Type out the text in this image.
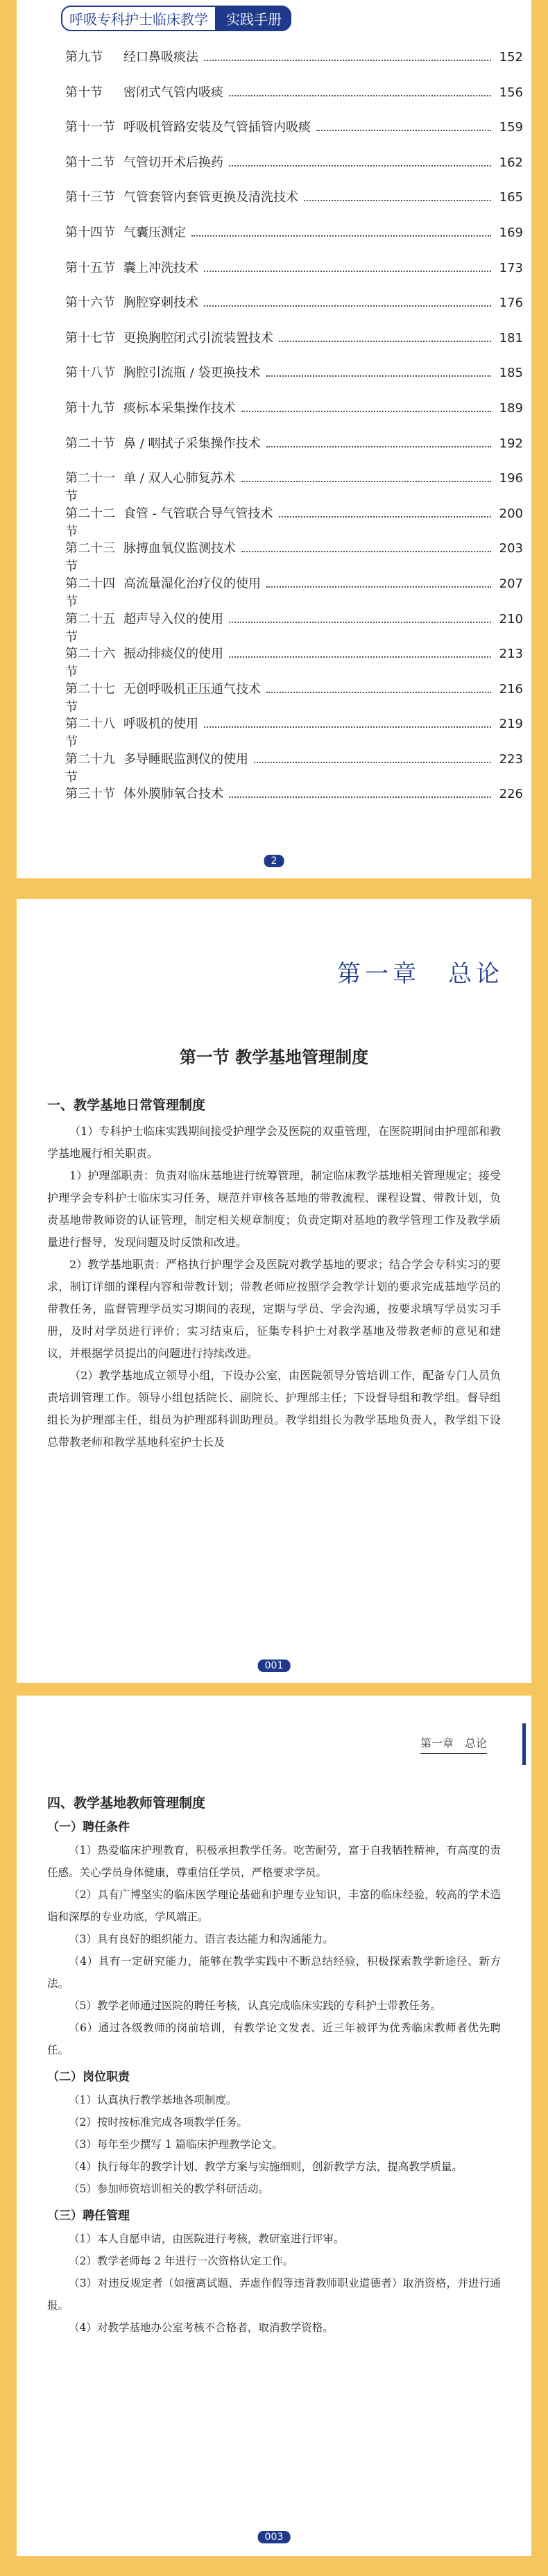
呼吸专科护士临床教学	实践手册
第九节	经口鼻吸痰法	152
第十节	密闭式气管内吸痰	156
第十一节 呼吸机管路安装及气管插管内吸痰	159
第十二节 气管切开术后换药	162
第十三节 气管套管内套管更换及清洗技术	165
第十四节 气囊压测定	169
第十五节 囊上冲洗技术	173
第十六节 胸腔穿刺技术	176
第十七节 更换胸腔闭式引流装置技术	181
第十八节 胸腔引流瓶 / 袋更换技术	185
第十九节 痰标本采集操作技术	189
第二十节 鼻 / 咽拭子采集操作技术	192
第二十一节
单 / 双人心肺复苏术	196
第二十二节
食管 - 气管联合导气管技术	200
第二十三节
脉搏血氧仪监测技术	203
第二十四节
高流量湿化治疗仪的使用	207
第二十五节
超声导入仪的使用	210
第二十六节
振动排痰仪的使用	213
第二十七节
无创呼吸机正压通气技术	216
第二十八节
呼吸机的使用	219
第二十九节
多导睡眠监测仪的使用	223
第三十节 体外膜肺氧合技术	226
2
第一章　总论
第一节 教学基地管理制度

一、教学基地日常管理制度

（1）专科护士临床实践期间接受护理学会及医院的双重管理，在医院期间由护理部和教学基地履行相关职责。

1）护理部职责：负责对临床基地进行统筹管理，制定临床教学基地相关管理规定；接受护理学会专科护士临床实习任务，规范并审核各基地的带教流程、课程设置、带教计划，负责基地带教师资的认证管理，制定相关规章制度；负责定期对基地的教学管理工作及教学质量进行督导，发现问题及时反馈和改进。

2）教学基地职责：严格执行护理学会及医院对教学基地的要求；结合学会专科实习的要求，制订详细的课程内容和带教计划；带教老师应按照学会教学计划的要求完成基地学员的带教任务，监督管理学员实习期间的表现，定期与学员、学会沟通，按要求填写学员实习手册，及时对学员进行评价；实习结束后，征集专科护士对教学基地及带教老师的意见和建议，并根据学员提出的问题进行持续改进。

（2）教学基地成立领导小组，下设办公室，由医院领导分管培训工作，配备专门人员负责培训管理工作。领导小组包括院长、副院长、护理部主任；下设督导组和教学组。督导组组长为护理部主任，组员为护理部科训助理员。教学组组长为教学基地负责人，教学组下设总带教老师和教学基地科室护士长及

001
第一章　总论

四、教学基地教师管理制度

（一）聘任条件

（1）热爱临床护理教育，积极承担教学任务。吃苦耐劳，富于自我牺牲精神，有高度的责任感。关心学员身体健康，尊重信任学员，严格要求学员。

（2）具有广博坚实的临床医学理论基础和护理专业知识，丰富的临床经验，较高的学术造诣和深厚的专业功底，学风端正。

（3）具有良好的组织能力、语言表达能力和沟通能力。

（4）具有一定研究能力，能够在教学实践中不断总结经验，积极探索教学新途径、新方法。

（5）教学老师通过医院的聘任考核，认真完成临床实践的专科护士带教任务。

（6）通过各级教师的岗前培训，有教学论文发表、近三年被评为优秀临床教师者优先聘任。

（二）岗位职责

（1）认真执行教学基地各项制度。

（2）按时按标准完成各项教学任务。

（3）每年至少撰写 1 篇临床护理教学论文。

（4）执行每年的教学计划、教学方案与实施细则，创新教学方法，提高教学质量。

（5）参加师资培训相关的教学科研活动。

（三）聘任管理

（1）本人自愿申请，由医院进行考核，教研室进行评审。

（2）教学老师每 2 年进行一次资格认定工作。

（3）对违反规定者（如擅离试题、弄虚作假等违背教师职业道德者）取消资格，并进行通报。

（4）对教学基地办公室考核不合格者，取消教学资格。

003
